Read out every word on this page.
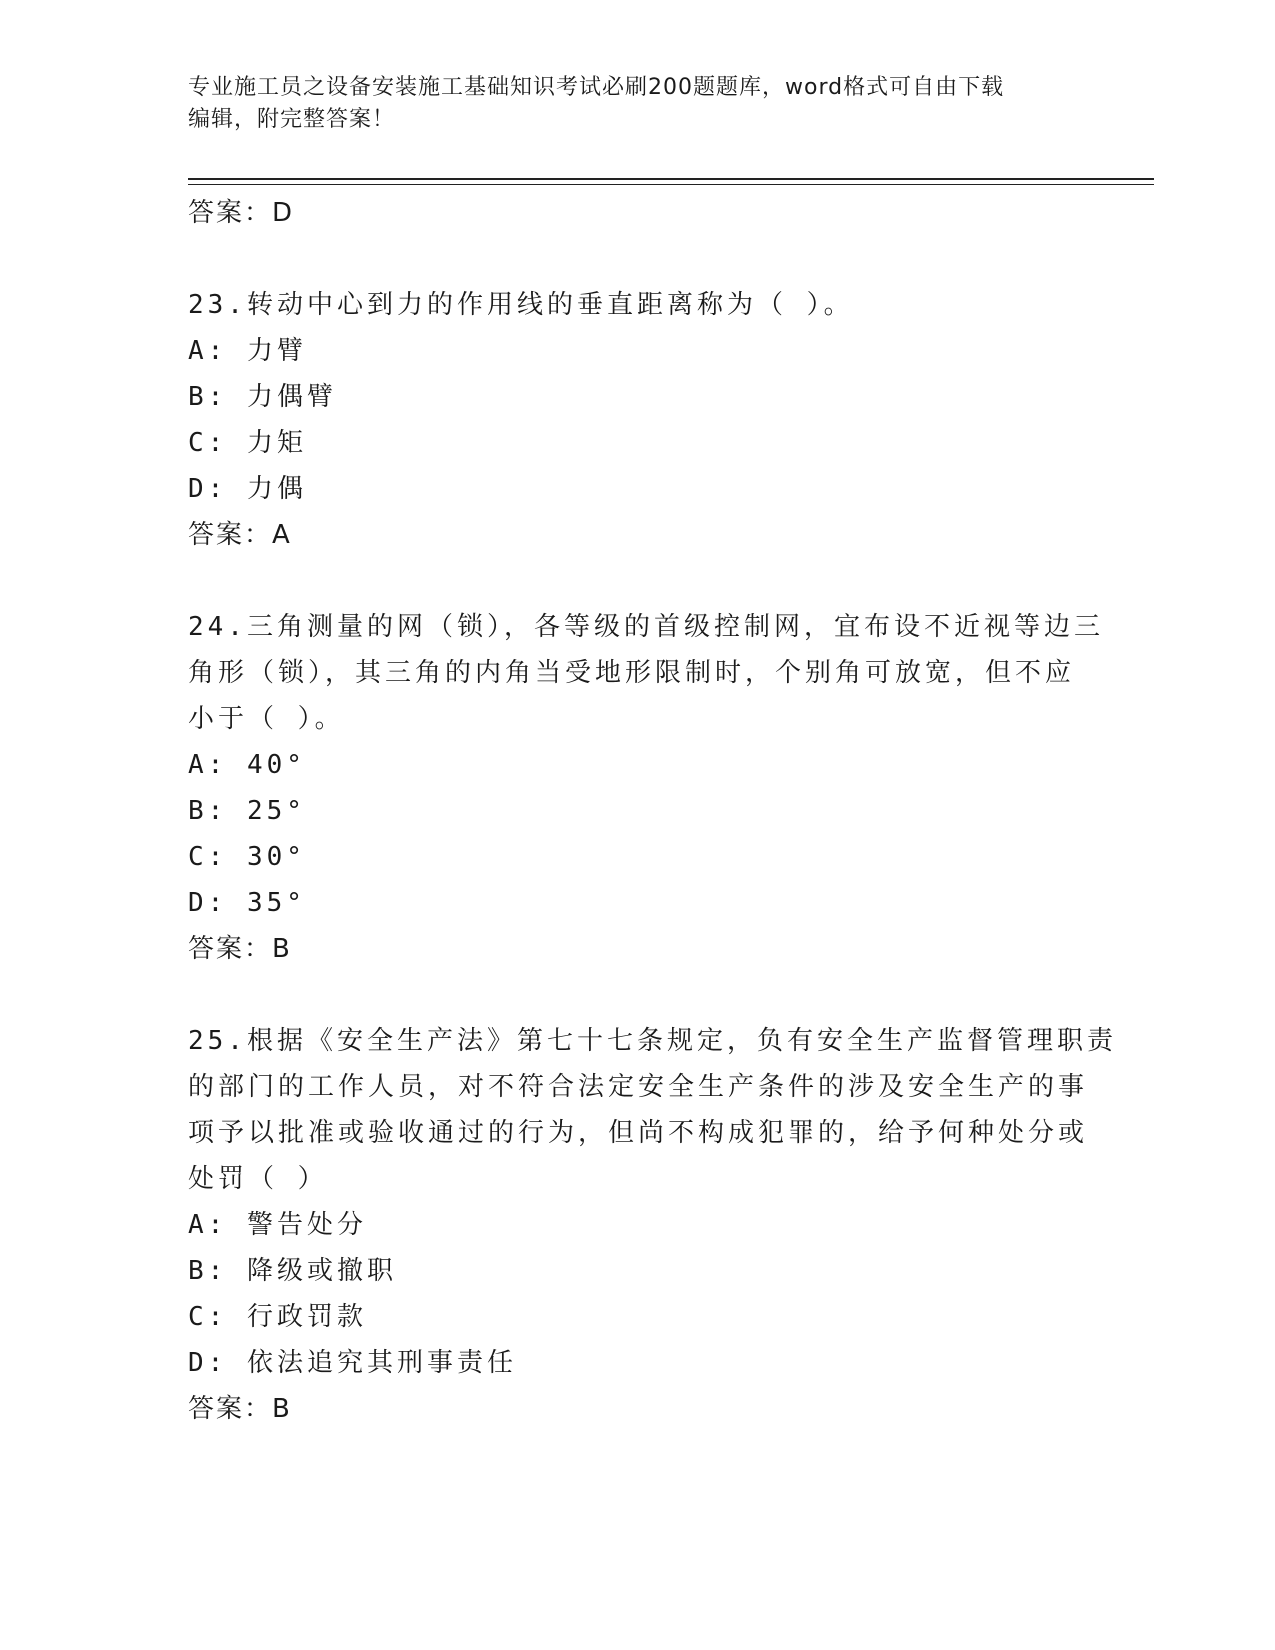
专业施工员之设备安装施工基础知识考试必刷200题题库，word格式可自由下载
编辑，附完整答案！
答案：D
23.转动中心到力的作用线的垂直距离称为（ ）。
A: 力臂
B: 力偶臂
C: 力矩
D: 力偶
答案：A
24.三角测量的网（锁），各等级的首级控制网，宜布设不近视等边三
角形（锁），其三角的内角当受地形限制时，个别角可放宽，但不应
小于（ ）。
A: 40°
B: 25°
C: 30°
D: 35°
答案：B
25.根据《安全生产法》第七十七条规定，负有安全生产监督管理职责
的部门的工作人员，对不符合法定安全生产条件的涉及安全生产的事
项予以批准或验收通过的行为，但尚不构成犯罪的，给予何种处分或
处罚（ ）
A: 警告处分
B: 降级或撤职
C: 行政罚款
D: 依法追究其刑事责任
答案：B
